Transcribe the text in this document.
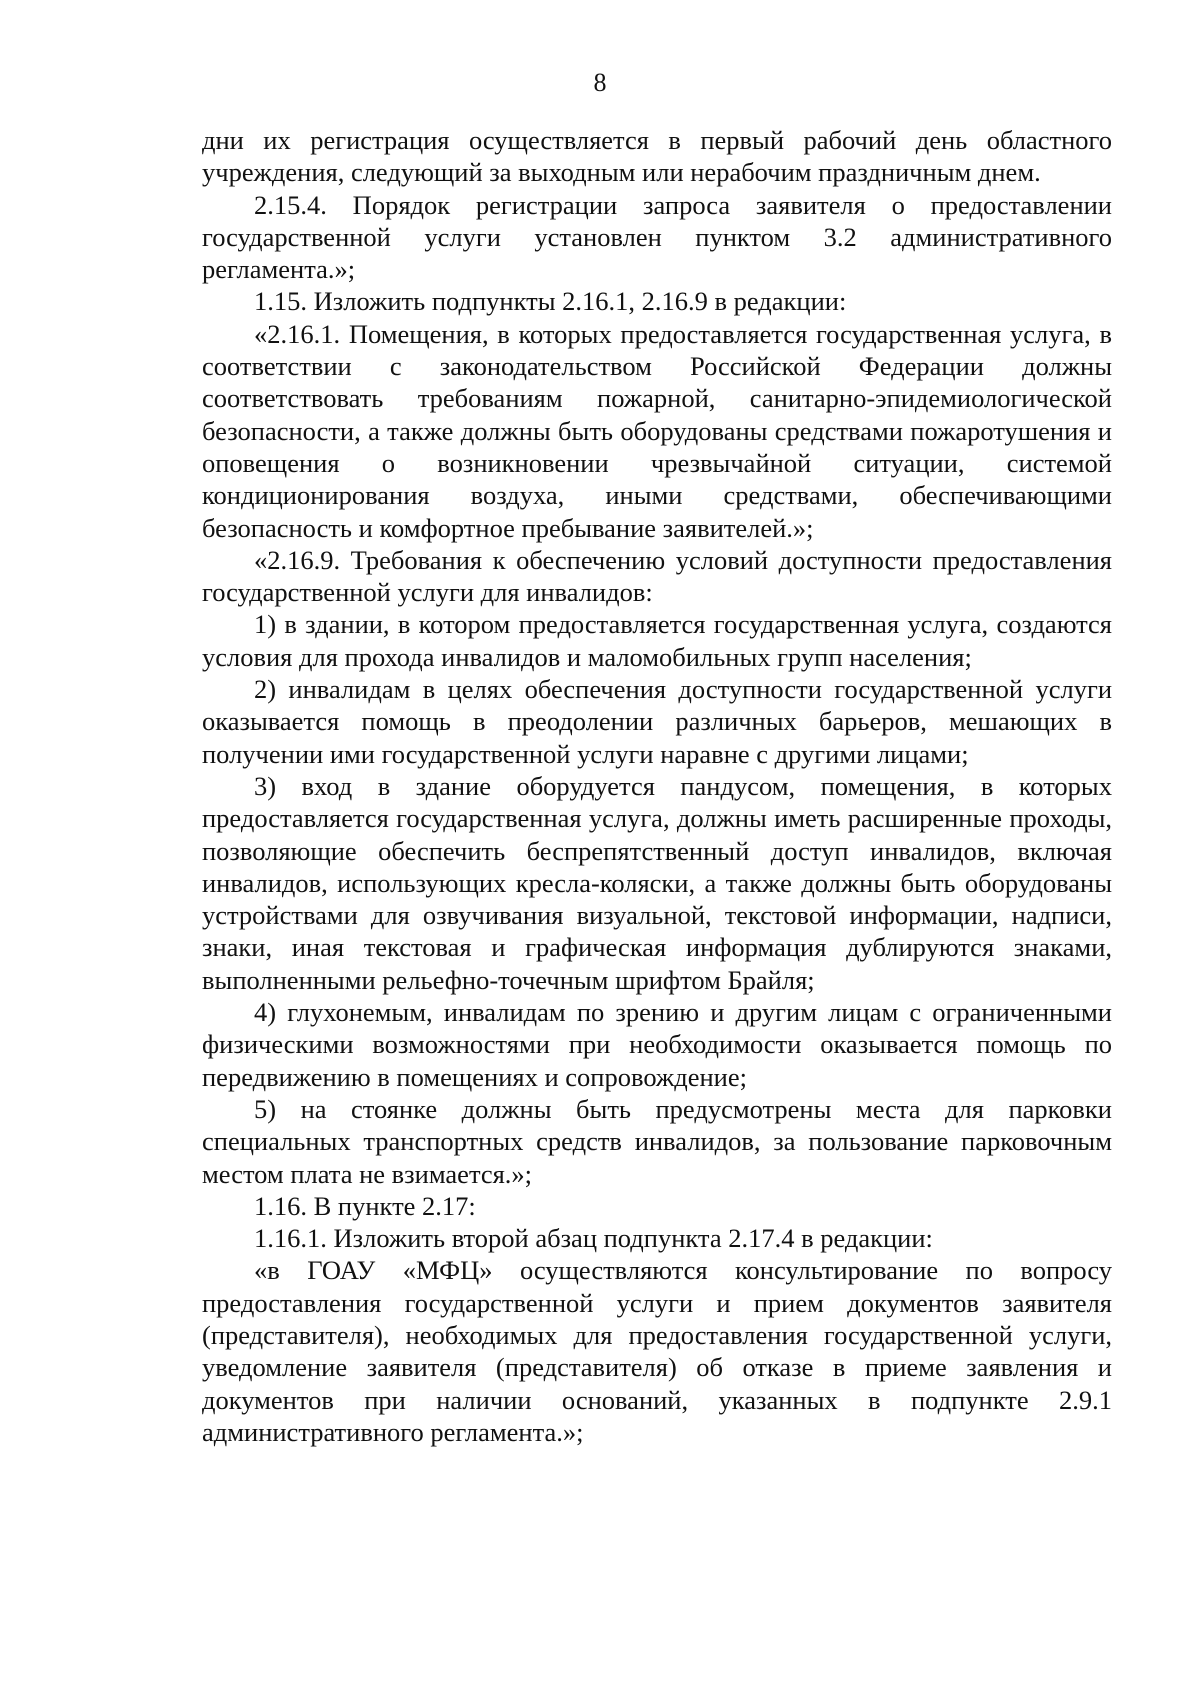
8

дни их регистрация осуществляется в первый рабочий день областного учреждения, следующий за выходным или нерабочим праздничным днем.

2.15.4. Порядок регистрации запроса заявителя о предоставлении государственной услуги установлен пунктом 3.2 административного регламента.»;

1.15. Изложить подпункты 2.16.1, 2.16.9 в редакции:

«2.16.1. Помещения, в которых предоставляется государственная услуга, в соответствии с законодательством Российской Федерации должны соответствовать требованиям пожарной, санитарно-эпидемиологической безопасности, а также должны быть оборудованы средствами пожаротушения и оповещения о возникновении чрезвычайной ситуации, системой кондиционирования воздуха, иными средствами, обеспечивающими безопасность и комфортное пребывание заявителей.»;

«2.16.9. Требования к обеспечению условий доступности предоставления государственной услуги для инвалидов:

1) в здании, в котором предоставляется государственная услуга, создаются условия для прохода инвалидов и маломобильных групп населения;

2) инвалидам в целях обеспечения доступности государственной услуги оказывается помощь в преодолении различных барьеров, мешающих в получении ими государственной услуги наравне с другими лицами;

3) вход в здание оборудуется пандусом, помещения, в которых предоставляется государственная услуга, должны иметь расширенные проходы, позволяющие обеспечить беспрепятственный доступ инвалидов, включая инвалидов, использующих кресла-коляски, а также должны быть оборудованы устройствами для озвучивания визуальной, текстовой информации, надписи, знаки, иная текстовая и графическая информация дублируются знаками, выполненными рельефно-точечным шрифтом Брайля;

4) глухонемым, инвалидам по зрению и другим лицам с ограниченными физическими возможностями при необходимости оказывается помощь по передвижению в помещениях и сопровождение;

5) на стоянке должны быть предусмотрены места для парковки специальных транспортных средств инвалидов, за пользование парковочным местом плата не взимается.»;

1.16. В пункте 2.17:

1.16.1. Изложить второй абзац подпункта 2.17.4 в редакции:

«в ГОАУ «МФЦ» осуществляются консультирование по вопросу предоставления государственной услуги и прием документов заявителя (представителя), необходимых для предоставления государственной услуги, уведомление заявителя (представителя) об отказе в приеме заявления и документов при наличии оснований, указанных в подпункте 2.9.1 административного регламента.»;
